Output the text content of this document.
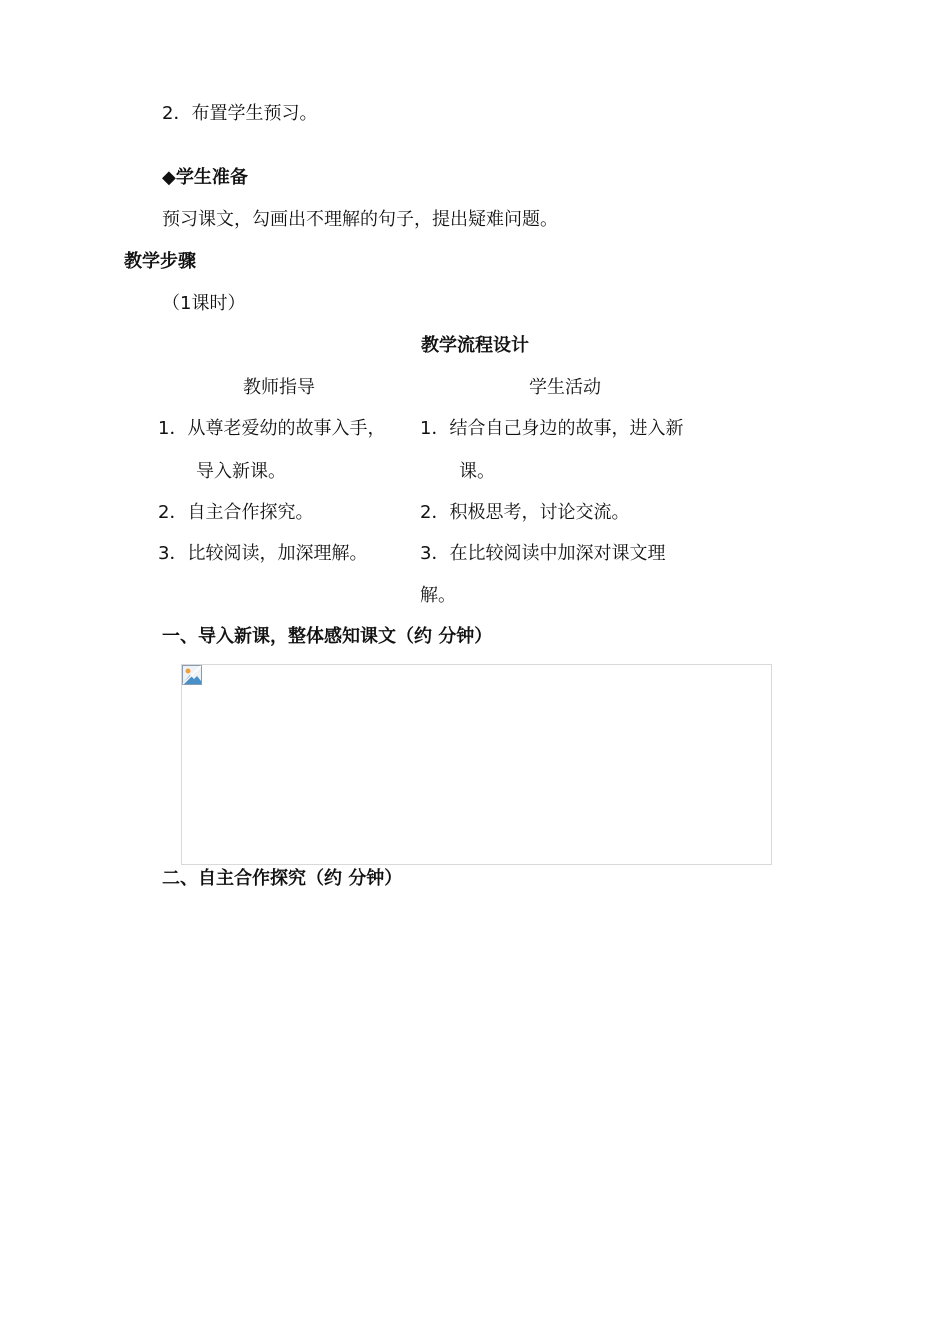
2．布置学生预习。

◆学生准备

预习课文，勾画出不理解的句子，提出疑难问题。

教学步骤

（1课时）

教学流程设计

教师指导	学生活动

1．从尊老爱幼的故事入手，

导入新课。

2．自主合作探究。

3．比较阅读，加深理解。

1．结合自己身边的故事，进入新

课。

2．积极思考，讨论交流。

3．在比较阅读中加深对课文理

解。

一、导入新课，整体感知课文（约 分钟）

二、自主合作探究（约 分钟）
